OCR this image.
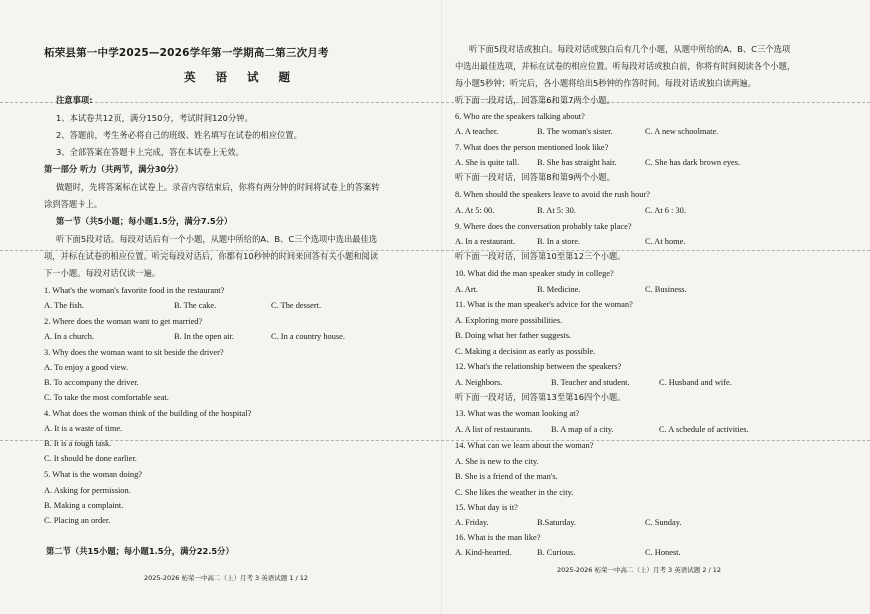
柘荣县第一中学2025—2026学年第一学期高二第三次月考
英 语 试 题
注意事项:
1、本试卷共12页，满分150分，考试时间120分钟。
2、答题前，考生务必将自己的班级、姓名填写在试卷的相应位置。
3、全部答案在答题卡上完成，答在本试卷上无效。
第一部分 听力（共两节，满分30分）
做题时，先将答案标在试卷上。录音内容结束后，你将有两分钟的时间将试卷上的答案转
涂到答题卡上。
第一节（共5小题；每小题1.5分，满分7.5分）
听下面5段对话。每段对话后有一个小题，从题中所给的A、B、C三个选项中选出最佳选
项，并标在试卷的相应位置。听完每段对话后，你都有10秒钟的时间来回答有关小题和阅读
下一小题。每段对话仅读一遍。
1. What's the woman's favorite food in the restaurant?
A. The fish.	B. The cake.	C. The dessert.
2. Where does the woman want to get married?
A. In a church.	B. In the open air.	C. In a country house.
3. Why does the woman want to sit beside the driver?
A. To enjoy a good view.
B. To accompany the driver.
C. To take the most comfortable seat.
4. What does the woman think of the building of the hospital?
A. It is a waste of time.
B. It is a tough task.
C. It should be done earlier.
5. What is the woman doing?
A. Asking for permission.
B. Making a complaint.
C. Placing an order.
第二节（共15小题；每小题1.5分，满分22.5分）
2025-2026 柘荣一中高二（上）月考 3 英语试题 1 / 12
听下面5段对话或独白。每段对话或独白后有几个小题，从题中所给的A、B、C三个选项
中选出最佳选项，并标在试卷的相应位置。听每段对话或独白前，你将有时间阅读各个小题，
每小题5秒钟；听完后，各小题将给出5秒钟的作答时间。每段对话或独白读两遍。
听下面一段对话，回答第6和第7两个小题。
6. Who are the speakers talking about?
A. A teacher.	B. The woman's sister.	C. A new schoolmate.
7. What does the person mentioned look like?
A. She is quite tall. B. She has straight hair.	C. She has dark brown eyes.
听下面一段对话，回答第8和第9两个小题。
8. When should the speakers leave to avoid the rush hour?
A. At 5: 00.	B. At 5: 30.	C. At 6 : 30.
9. Where does the conversation probably take place?
A. In a restaurant.	B. In a store.	C. At home.
听下面一段对话，回答第10至第12三个小题。
10. What did the man speaker study in college?
A. Art.	B. Medicine.	C. Business.
11. What is the man speaker's advice for the woman?
A. Exploring more possibilities.
B. Doing what her father suggests.
C. Making a decision as early as possible.
12. What's the relationship between the speakers?
A. Neighbors.	B. Teacher and student.	C. Husband and wife.
听下面一段对话，回答第13至第16四个小题。
13. What was the woman looking at?
A. A list of restaurants. B. A map of a city.	C. A schedule of activities.
14. What can we learn about the woman?
A. She is new to the city.
B. She is a friend of the man's.
C. She likes the weather in the city.
15. What day is it?
A. Friday.	B.Saturday.	C. Sunday.
16. What is the man like?
A. Kind-hearted.	B. Curious.	C. Honest.
2025-2026 柘荣一中高二（上）月考 3 英语试题 2 / 12
